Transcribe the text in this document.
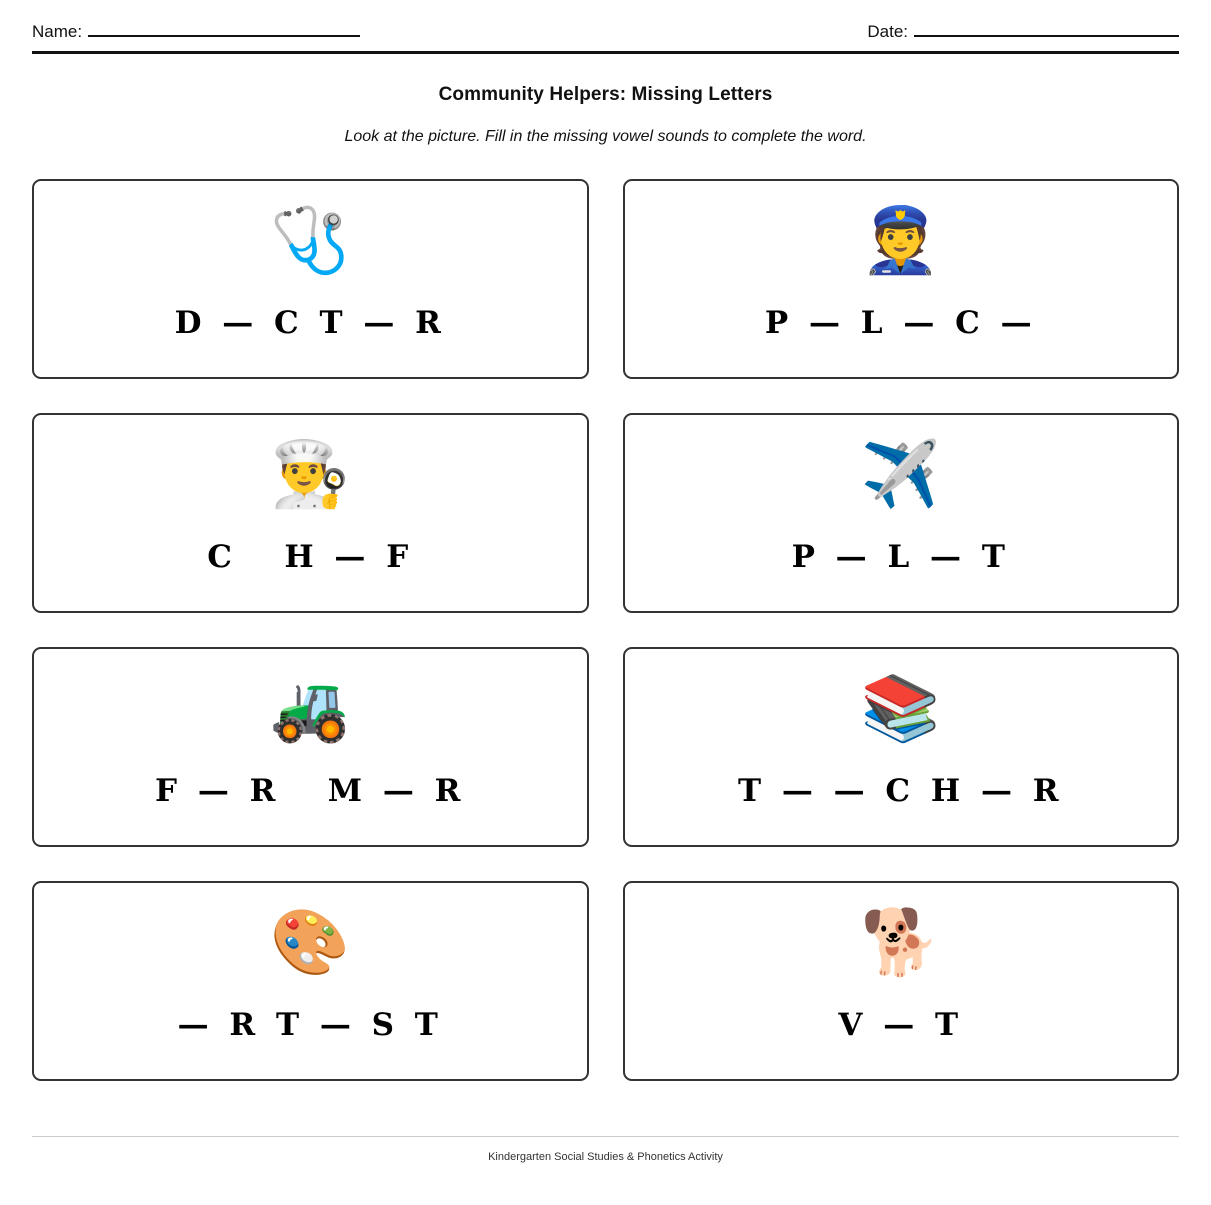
Name:	Date:
Community Helpers: Missing Letters
Look at the picture. Fill in the missing vowel sounds to complete the word.
🩺
D — C T — R
👮
P — L — C —
👨‍🍳
C   H — F
✈️
P — L — T
🚜
F — R   M — R
📚
T — — C H — R
🎨
— R T — S T
🐕
V — T
Kindergarten Social Studies & Phonetics Activity
